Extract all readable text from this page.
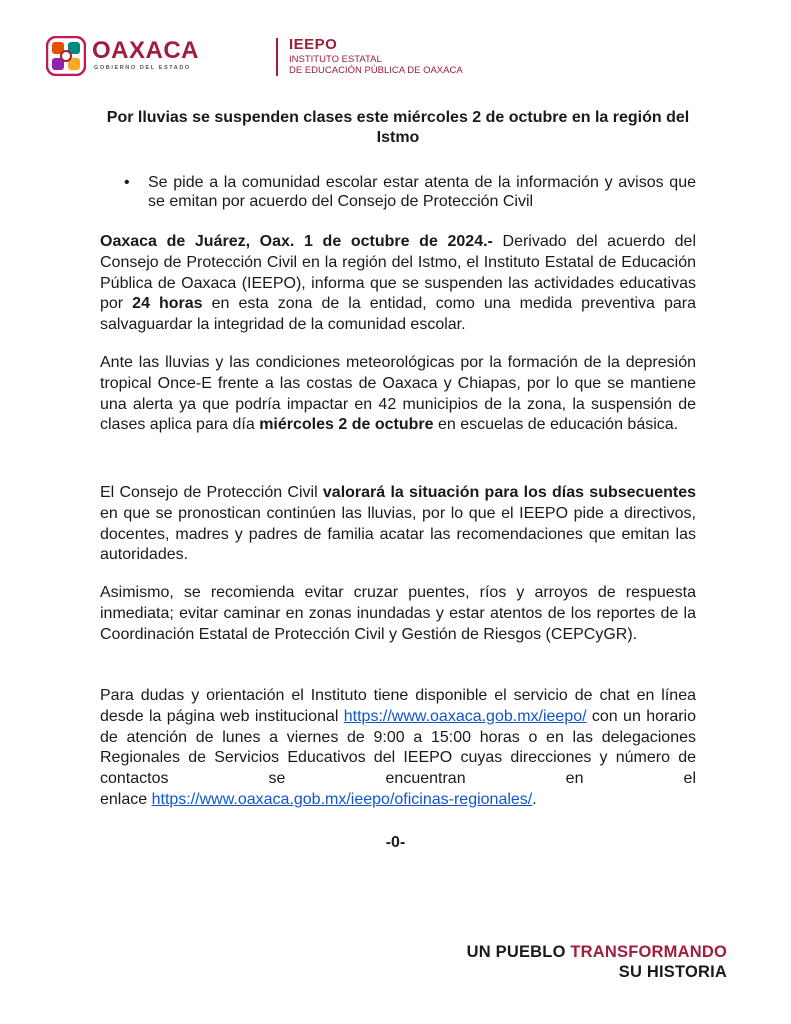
OAXACA
GOBIERNO DEL ESTADO
IEEPO
INSTITUTO ESTATAL
DE EDUCACIÓN PÚBLICA DE OAXACA
Por lluvias se suspenden clases este miércoles 2 de octubre en la región del Istmo
• Se pide a la comunidad escolar estar atenta de la información y avisos que se emitan por acuerdo del Consejo de Protección Civil

Oaxaca de Juárez, Oax. 1 de octubre de 2024.- Derivado del acuerdo del Consejo de Protección Civil en la región del Istmo, el Instituto Estatal de Educación Pública de Oaxaca (IEEPO), informa que se suspenden las actividades educativas por 24 horas en esta zona de la entidad, como una medida preventiva para salvaguardar la integridad de la comunidad escolar.

Ante las lluvias y las condiciones meteorológicas por la formación de la depresión tropical Once-E frente a las costas de Oaxaca y Chiapas, por lo que se mantiene una alerta ya que podría impactar en 42 municipios de la zona, la suspensión de clases aplica para día miércoles 2 de octubre en escuelas de educación básica.

El Consejo de Protección Civil valorará la situación para los días subsecuentes en que se pronostican continúen las lluvias, por lo que el IEEPO pide a directivos, docentes, madres y padres de familia acatar las recomendaciones que emitan las autoridades.

Asimismo, se recomienda evitar cruzar puentes, ríos y arroyos de respuesta inmediata; evitar caminar en zonas inundadas y estar atentos de los reportes de la Coordinación Estatal de Protección Civil y Gestión de Riesgos (CEPCyGR).

Para dudas y orientación el Instituto tiene disponible el servicio de chat en línea desde la página web institucional https://www.oaxaca.gob.mx/ieepo/ con un horario de atención de lunes a viernes de 9:00 a 15:00 horas o en las delegaciones Regionales de Servicios Educativos del IEEPO cuyas direcciones y número de contactos se encuentran en el

enlace https://www.oaxaca.gob.mx/ieepo/oficinas-regionales/.

-0-
UN PUEBLO TRANSFORMANDO
SU HISTORIA
